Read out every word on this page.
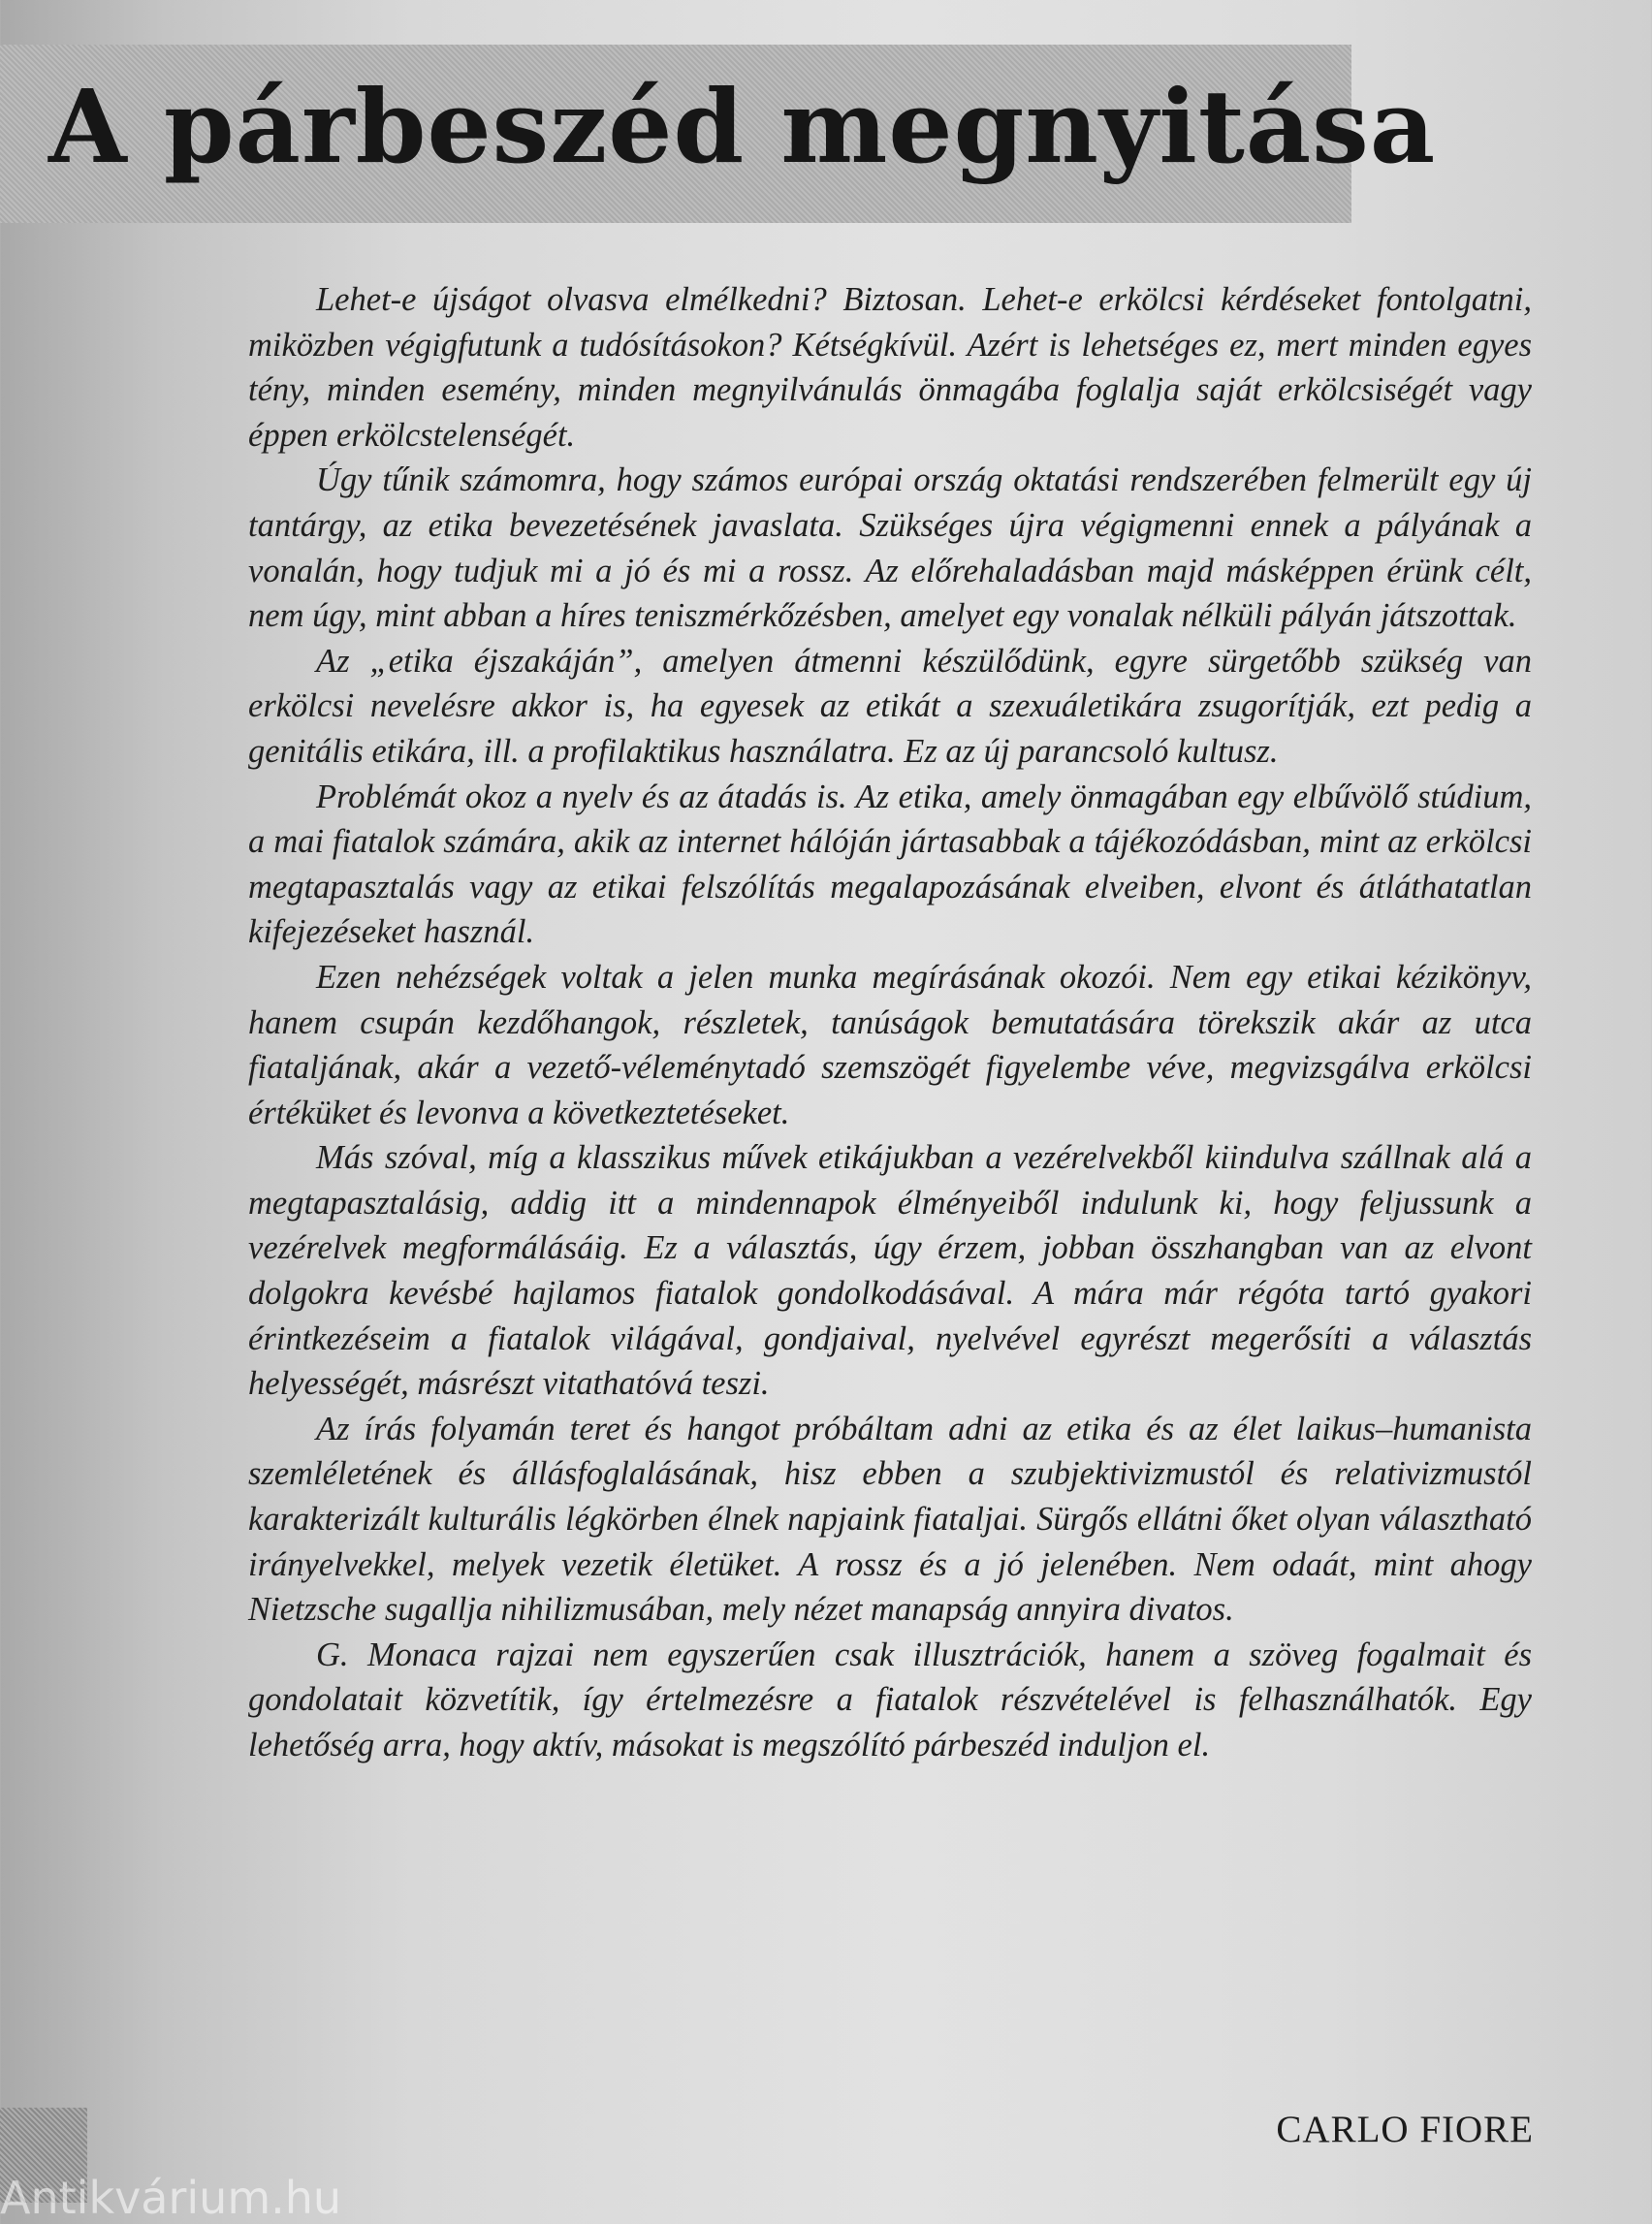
A párbeszéd megnyitása

Lehet-e újságot olvasva elmélkedni? Biztosan. Lehet-e erkölcsi kérdéseket fontolgatni, miközben végigfutunk a tudósításokon? Kétségkívül. Azért is lehetséges ez, mert minden egyes tény, minden esemény, minden megnyilvánulás önmagába foglalja saját erkölcsiségét vagy éppen erkölcstelenségét.

Úgy tűnik számomra, hogy számos európai ország oktatási rendszerében felmerült egy új tantárgy, az etika bevezetésének javaslata. Szükséges újra végigmenni ennek a pályának a vonalán, hogy tudjuk mi a jó és mi a rossz. Az előrehaladásban majd másképpen érünk célt, nem úgy, mint abban a híres teniszmérkőzésben, amelyet egy vonalak nélküli pályán játszottak.

Az „etika éjszakáján”, amelyen átmenni készülődünk, egyre sürgetőbb szükség van erkölcsi nevelésre akkor is, ha egyesek az etikát a szexuáletikára zsugorítják, ezt pedig a genitális etikára, ill. a profilaktikus használatra. Ez az új parancsoló kultusz.

Problémát okoz a nyelv és az átadás is. Az etika, amely önmagában egy elbűvölő stúdium, a mai fiatalok számára, akik az internet hálóján jártasabbak a tájékozódásban, mint az erkölcsi megtapasztalás vagy az etikai felszólítás megalapozásának elveiben, elvont és átláthatatlan kifejezéseket használ.

Ezen nehézségek voltak a jelen munka megírásának okozói. Nem egy etikai kézikönyv, hanem csupán kezdőhangok, részletek, tanúságok bemutatására törekszik akár az utca fiataljának, akár a vezető-véleménytadó szemszögét figyelembe véve, megvizsgálva erkölcsi értéküket és levonva a következtetéseket.

Más szóval, míg a klasszikus művek etikájukban a vezérelvekből kiindulva szállnak alá a megtapasztalásig, addig itt a mindennapok élményeiből indulunk ki, hogy feljussunk a vezérelvek megformálásáig. Ez a választás, úgy érzem, jobban összhangban van az elvont dolgokra kevésbé hajlamos fiatalok gondolkodásával. A mára már régóta tartó gyakori érintkezéseim a fiatalok világával, gondjaival, nyelvével egyrészt megerősíti a választás helyességét, másrészt vitathatóvá teszi.

Az írás folyamán teret és hangot próbáltam adni az etika és az élet laikus–humanista szemléletének és állásfoglalásának, hisz ebben a szubjektivizmustól és relativizmustól karakterizált kulturális légkörben élnek napjaink fiataljai. Sürgős ellátni őket olyan választható irányelvekkel, melyek vezetik életüket. A rossz és a jó jelenében. Nem odaát, mint ahogy Nietzsche sugallja nihilizmusában, mely nézet manapság annyira divatos.

G. Monaca rajzai nem egyszerűen csak illusztrációk, hanem a szöveg fogalmait és gondolatait közvetítik, így értelmezésre a fiatalok részvételével is felhasználhatók. Egy lehetőség arra, hogy aktív, másokat is megszólító párbeszéd induljon el.

CARLO FIORE
Antikvárium.hu
